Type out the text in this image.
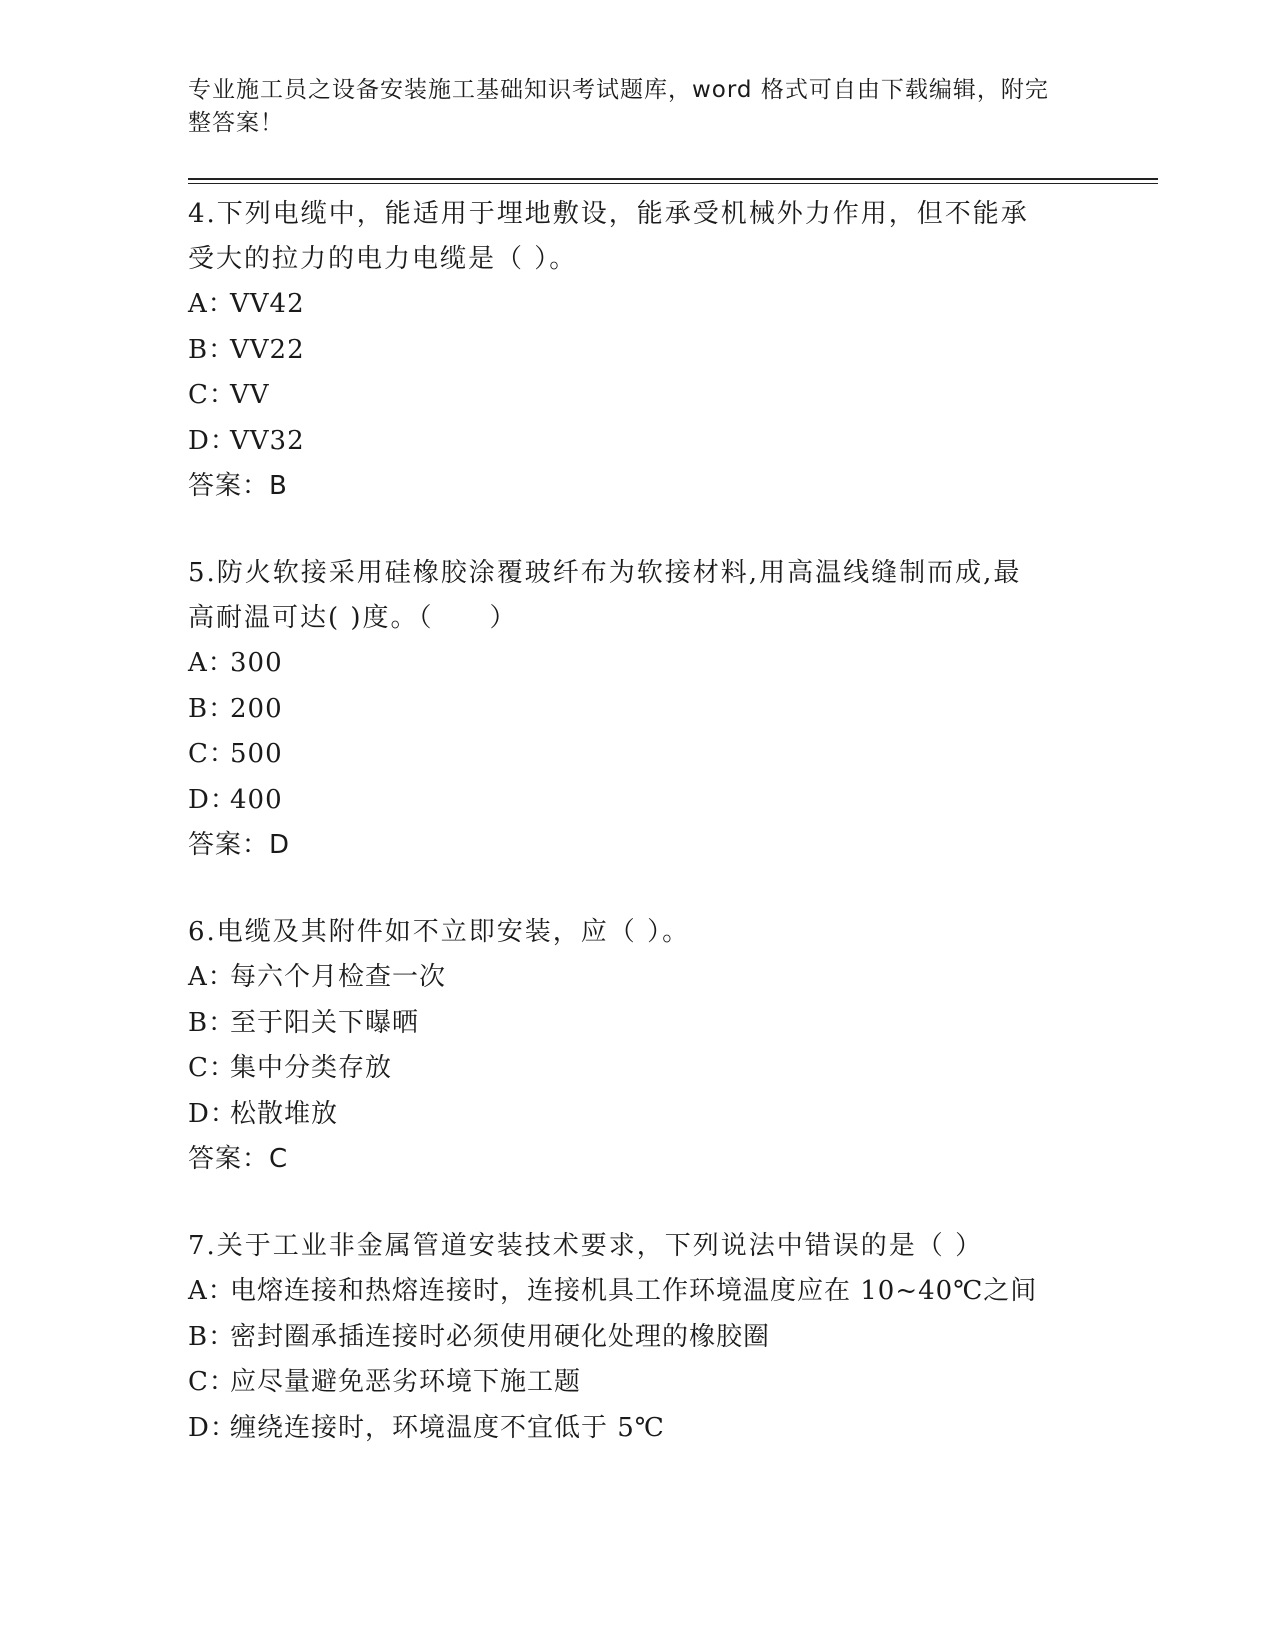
专业施工员之设备安装施工基础知识考试题库，word 格式可自由下载编辑，附完
整答案！
4.下列电缆中，能适用于埋地敷设，能承受机械外力作用，但不能承
受大的拉力的电力电缆是（ ）。
A：
VV42
B：
VV22
C：
VV
D：
VV32
答案：B
5.防火软接采用硅橡胶涂覆玻纤布为软接材料,用高温线缝制而成,最
高耐温可达( )度。（　　）
A：
300
B：
200
C：
500
D：
400
答案：D
6.电缆及其附件如不立即安装，应（ ）。
A：
每六个月检查一次
B：
至于阳关下曝晒
C：
集中分类存放
D：
松散堆放
答案：C
7.关于工业非金属管道安装技术要求，下列说法中错误的是（ ）
A：
电熔连接和热熔连接时，连接机具工作环境温度应在 10~40℃之间
B：
密封圈承插连接时必须使用硬化处理的橡胶圈
C：
应尽量避免恶劣环境下施工题
D：
缠绕连接时，环境温度不宜低于 5℃
